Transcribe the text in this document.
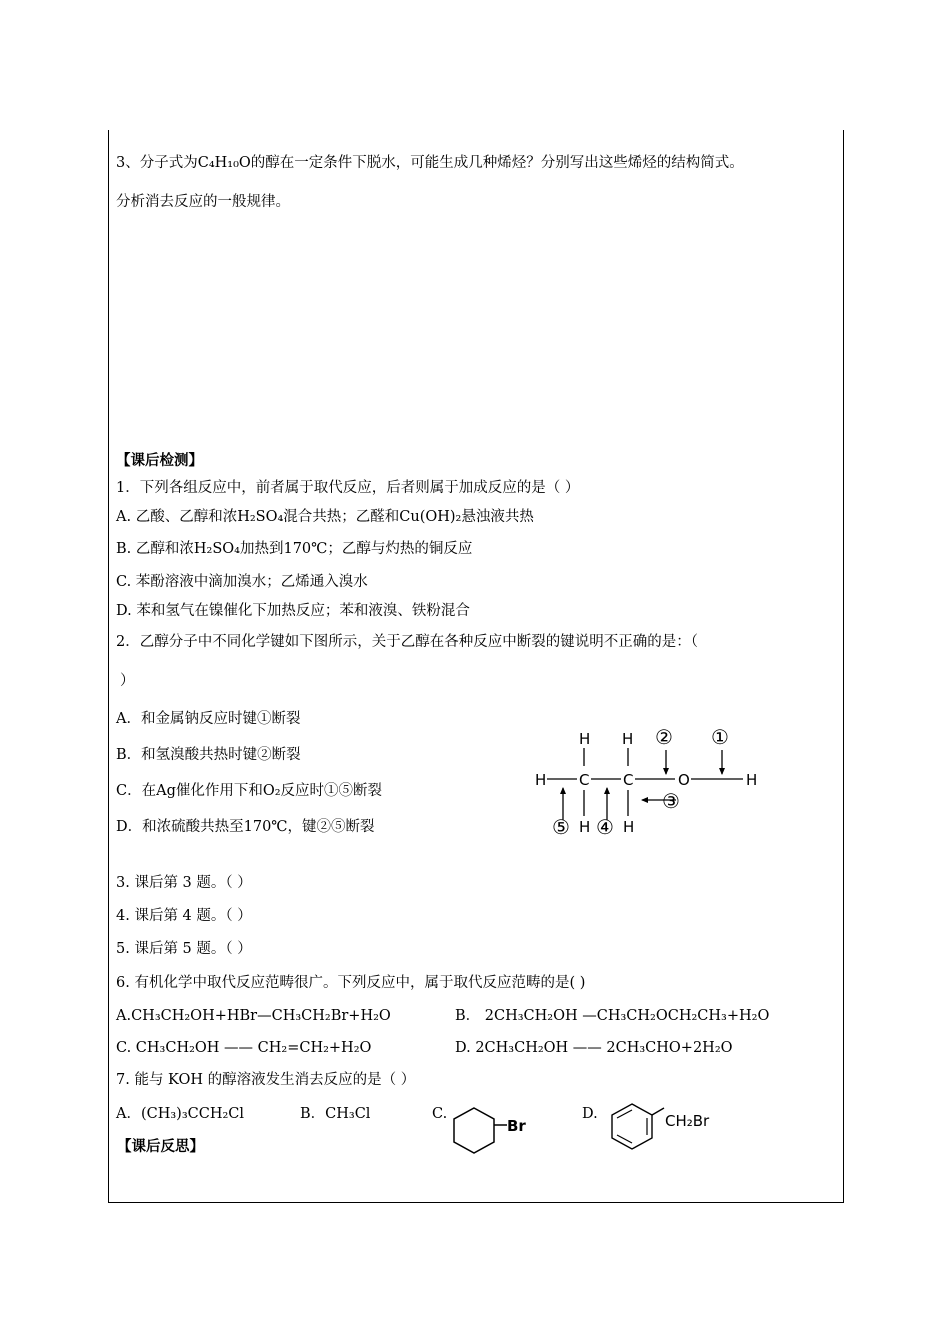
3、分子式为C₄H₁₀O的醇在一定条件下脱水，可能生成几种烯烃？分别写出这些烯烃的结构简式。
分析消去反应的一般规律。
【课后检测】
1．下列各组反应中，前者属于取代反应，后者则属于加成反应的是（ ）
A. 乙酸、乙醇和浓H₂SO₄混合共热；乙醛和Cu(OH)₂悬浊液共热
B. 乙醇和浓H₂SO₄加热到170℃；乙醇与灼热的铜反应
C. 苯酚溶液中滴加溴水；乙烯通入溴水
D. 苯和氢气在镍催化下加热反应；苯和液溴、铁粉混合
2．乙醇分子中不同化学键如下图所示，关于乙醇在各种反应中断裂的键说明不正确的是：（
）
A．和金属钠反应时键①断裂
B．和氢溴酸共热时键②断裂
C．在Ag催化作用下和O₂反应时①⑤断裂
D．和浓硫酸共热至170℃，键②⑤断裂
H H
H C C	O	H
H H
② ①
③
④
⑤
3. 课后第 3 题。（ ）
4. 课后第 4 题。（ ）
5. 课后第 5 题。（ ）
6. 有机化学中取代反应范畴很广。下列反应中，属于取代反应范畴的是( )
A.CH₃CH₂OH+HBr—CH₃CH₂Br+H₂O	B． 2CH₃CH₂OH —CH₃CH₂OCH₂CH₃+H₂O
C. CH₃CH₂OH —— CH₂=CH₂+H₂O	D. 2CH₃CH₂OH —— 2CH₃CHO+2H₂O
7. 能与 KOH 的醇溶液发生消去反应的是（ ）
A．(CH₃)₃CCH₂Cl	B．CH₃Cl	C.	D.
Br	CH₂Br
【课后反思】
